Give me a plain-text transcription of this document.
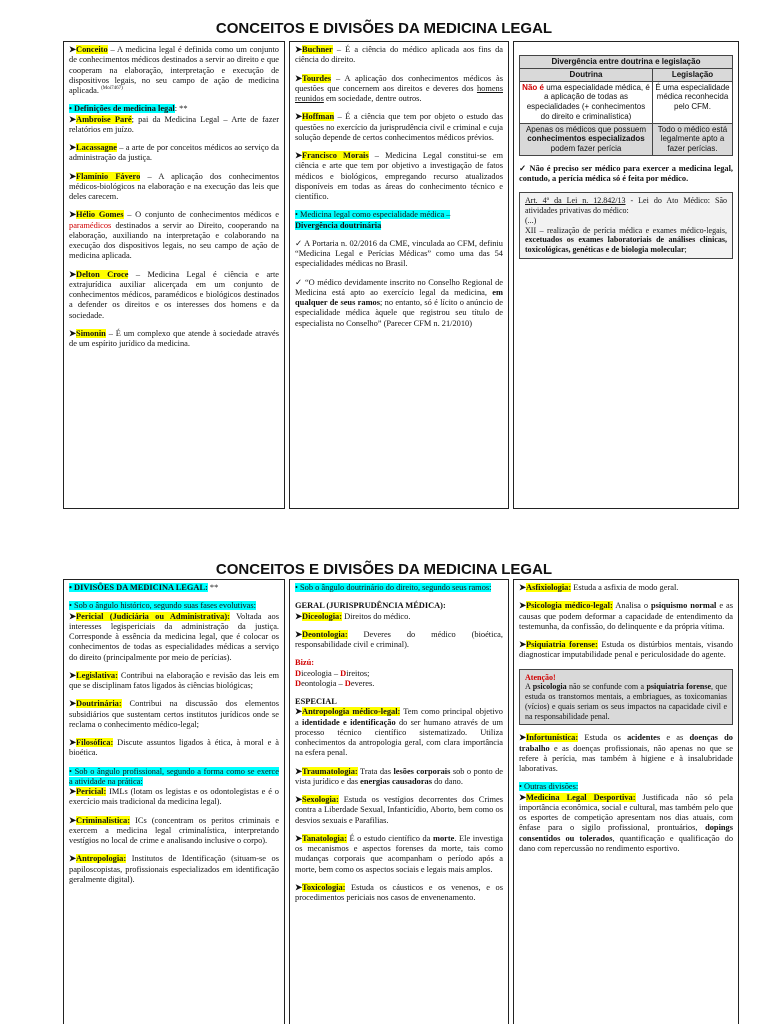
CONCEITOS E DIVISÕES DA MEDICINA LEGAL

➤Conceito – A medicina legal é definida como um conjunto de conhecimentos médicos destinados a servir ao direito e que cooperam na elaboração, interpretação e execução de dispositivos legais, no seu campo de ação de medicina aplicada. $^{(Moi7467)}$

• Definições de medicina legal: **
➤Ambroise Paré; pai da Medicina Legal – Arte de fazer relatórios em juízo.

➤Lacassagne – a arte de por conceitos médicos ao serviço da administração da justiça.

➤Flamínio Fávero – A aplicação dos conhecimentos médicos-biológicos na elaboração e na execução das leis que deles carecem.

➤Hélio Gomes – O conjunto de conhecimentos médicos e paramédicos destinados a servir ao Direito, cooperando na elaboração, auxiliando na interpretação e colaborando na execução dos dispositivos legais, no seu campo de ação de medicina aplicada.

➤Delton Croce – Medicina Legal é ciência e arte extrajurídica auxiliar alicerçada em um conjunto de conhecimentos médicos, paramédicos e biológicos destinados a defender os direitos e os interesses dos homens e da sociedade.

➤Simonin – É um complexo que atende à sociedade através de um espírito jurídico da medicina.

➤Buchner – É a ciência do médico aplicada aos fins da ciência do direito.

➤Tourdes – A aplicação dos conhecimentos médicos às questões que concernem aos direitos e deveres dos homens reunidos em sociedade, dentre outros.

➤Hoffman – É a ciência que tem por objeto o estudo das questões no exercício da jurisprudência civil e criminal e cuja solução depende de certos conhecimentos médicos prévios.

➤Francisco Morais – Medicina Legal constitui-se em ciência e arte que tem por objetivo a investigação de fatos médicos e biológicos, empregando recurso atualizados disponíveis em todas as áreas do conhecimento técnico e científico.

• Medicina legal como especialidade médica –
Divergência doutrinária

✓ A Portaria n. 02/2016 da CME, vinculada ao CFM, definiu “Medicina Legal e Perícias Médicas” como uma das 54 especialidades médicas no Brasil.

✓ “O médico devidamente inscrito no Conselho Regional de Medicina está apto ao exercício legal da medicina, em qualquer de seus ramos; no entanto, só é lícito o anúncio de especialidade médica àquele que registrou seu título de especialista no Conselho” (Parecer CFM n. 21/2010)

Divergência entre doutrina e legislação	
Doutrina	Legislação
Não é uma especialidade médica, é a aplicação de todas as especialidades (+ conhecimentos do direito e criminalística)	É uma especialidade médica reconhecida pelo CFM.
Apenas os médicos que possuem conhecimentos especializados podem fazer perícia	Todo o médico está legalmente apto a fazer perícias.

✓ Não é preciso ser médico para exercer a medicina legal, contudo, a perícia médica só é feita por médico.

Art. 4º da Lei n. 12.842/13 - Lei do Ato Médico: São atividades privativas do médico:
(...)
XII – realização de perícia médica e exames médico-legais, excetuados os exames laboratoriais de análises clínicas, toxicológicas, genéticas e de biologia molecular;
CONCEITOS E DIVISÕES DA MEDICINA LEGAL

• DIVISÕES DA MEDICINA LEGAL: **

• Sob o ângulo histórico, segundo suas fases evolutivas:
➤Pericial (Judiciária ou Administrativa): Voltada aos interesses legispericiais da administração da justiça. Corresponde à essência da medicina legal, que é colocar os conhecimentos de todas as especialidades médicas a serviço do direito (principalmente por meio de perícias).

➤Legislativa: Contribui na elaboração e revisão das leis em que se disciplinam fatos ligados às ciências biológicas;

➤Doutrinária: Contribui na discussão dos elementos subsidiários que sustentam certos institutos jurídicos onde se reclama o conhecimento médico-legal;

➤Filosófica: Discute assuntos ligados à ética, à moral e à bioética.

• Sob o ângulo profissional, segundo a forma como se exerce a atividade na prática:
➤Pericial: IMLs (lotam os legistas e os odontolegistas e é o exercício mais tradicional da medicina legal).

➤Criminalística: ICs (concentram os peritos criminais e exercem a medicina legal criminalística, interpretando vestígios no local de crime e analisando inclusive o corpo).

➤Antropologia: Institutos de Identificação (situam-se os papiloscopistas, profissionais especializados em identificação geralmente digital).

• Sob o ângulo doutrinário do direito, segundo seus ramos:

GERAL (JURISPRUDÊNCIA MÉDICA):

➤Diceologia: Direitos do médico.

➤Deontologia: Deveres do médico (bioética, responsabilidade civil e criminal).

Bizú:
Diceologia – Direitos;
Deontologia – Deveres.

ESPECIAL

➤Antropologia médico-legal: Tem como principal objetivo a identidade e identificação do ser humano através de um processo técnico científico sistematizado. Utiliza conhecimentos da antropologia geral, com clara importância na esfera penal.

➤Traumatologia: Trata das lesões corporais sob o ponto de vista jurídico e das energias causadoras do dano.

➤Sexologia: Estuda os vestígios decorrentes dos Crimes contra a Liberdade Sexual, Infanticídio, Aborto, bem como os desvios sexuais e Parafilias.

➤Tanatologia: É o estudo científico da morte. Ele investiga os mecanismos e aspectos forenses da morte, tais como mudanças corporais que acompanham o período após a morte, bem como os aspectos sociais e legais mais amplos.

➤Toxicologia: Estuda os cáusticos e os venenos, e os procedimentos periciais nos casos de envenenamento.

➤Asfixiologia: Estuda a asfixia de modo geral.

➤Psicologia médico-legal: Analisa o psiquismo normal e as causas que podem deformar a capacidade de entendimento da testemunha, da confissão, do delinquente e da própria vítima.

➤Psiquiatria forense: Estuda os distúrbios mentais, visando diagnosticar imputabilidade penal e periculosidade do agente.

Atenção!
A psicologia não se confunde com a psiquiatria forense, que estuda os transtornos mentais, a embriagues, as toxicomanias (vícios) e quais seriam os seus impactos na capacidade civil e na responsabilidade penal.

➤Infortunística: Estuda os acidentes e as doenças do trabalho e as doenças profissionais, não apenas no que se refere à perícia, mas também à higiene e à insalubridade laborativas.

• Outras divisões:
➤Medicina Legal Desportiva: Justificada não só pela importância econômica, social e cultural, mas também pelo que os esportes de competição apresentam nos dias atuais, com ênfase para o sigilo profissional, prontuários, dopings consentidos ou tolerados, quantificação e qualificação do dano com repercussão no rendimento esportivo.
